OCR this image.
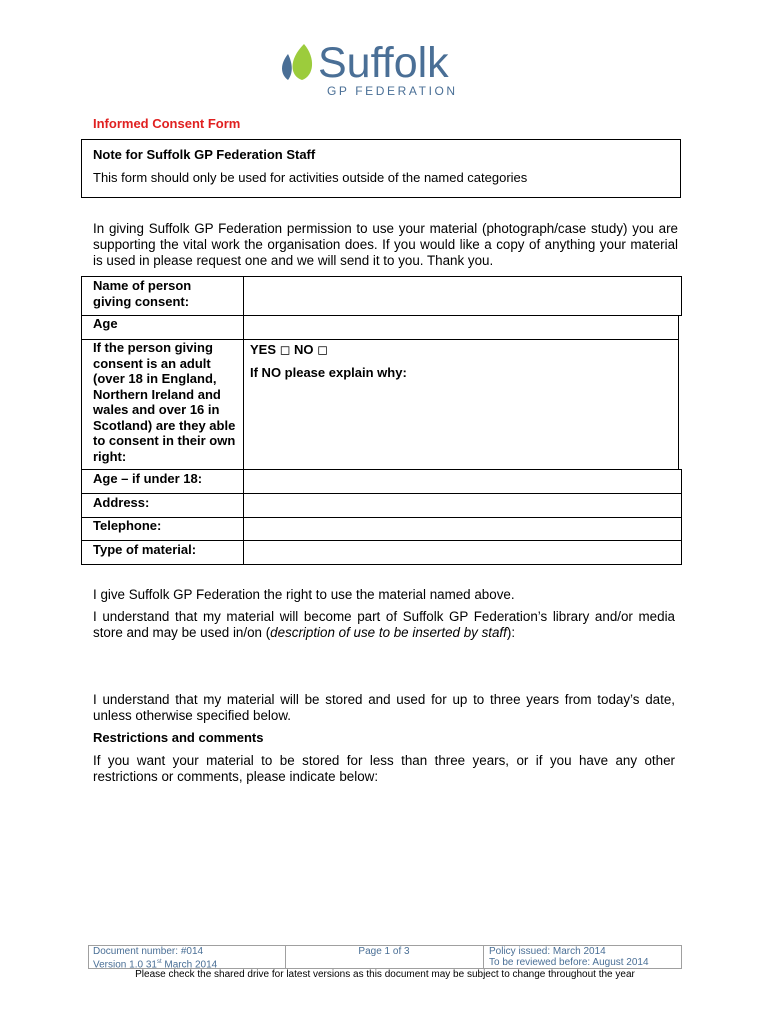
Suffolk
GP FEDERATION
Informed Consent Form
Note for Suffolk GP Federation Staff
This form should only be used for activities outside of the named categories
In giving Suffolk GP Federation permission to use your material (photograph/case study) you are supporting the vital work the organisation does. If you would like a copy of anything your material is used in please request one and we will send it to you. Thank you.
Name of person giving consent:
Age
If the person giving consent is an adult (over 18 in England, Northern Ireland and wales and over 16 in Scotland) are they able to consent in their own right:
YES ◻ NO ◻
If NO please explain why:
Age – if under 18:
Address:
Telephone:
Type of material:
I give Suffolk GP Federation the right to use the material named above.
I understand that my material will become part of Suffolk GP Federation’s library and/or media store and may be used in/on (description of use to be inserted by staff):
I understand that my material will be stored and used for up to three years from today’s date, unless otherwise specified below.
Restrictions and comments
If you want your material to be stored for less than three years, or if you have any other restrictions or comments, please indicate below:
Document number: #014
Version 1.0 31st March 2014
Page 1 of 3	Policy issued: March 2014
To be reviewed before: August 2014
Please check the shared drive for latest versions as this document may be subject to change throughout the year
